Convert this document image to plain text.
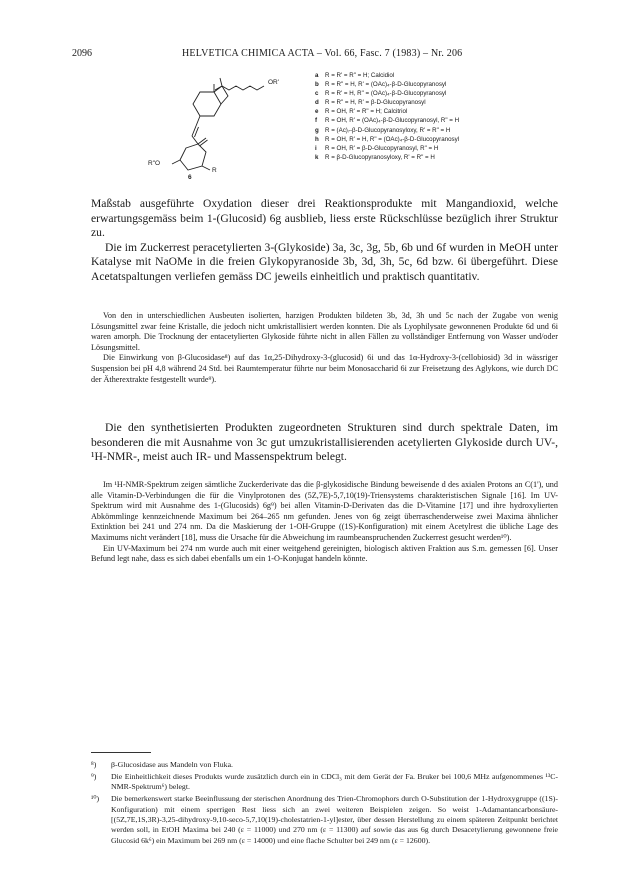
2096	HELVETICA CHIMICA ACTA – Vol. 66, Fasc. 7 (1983) – Nr. 206
OR'
R"O
R
6
a R = R' = R" = H; Calcidiol
b R = R" = H, R' = (OAc)₄-β-D-Glucopyranosyl
c R = R' = H, R" = (OAc)₄-β-D-Glucopyranosyl
d R = R" = H, R' = β-D-Glucopyranosyl
e R = OH, R' = R" = H; Calcitriol
f R = OH, R' = (OAc)₄-β-D-Glucopyranosyl, R" = H
g R = (Ac)₇-β-D-Glucopyranosyloxy, R' = R" = H
h R = OH, R' = H, R" = (OAc)₄-β-D-Glucopyranosyl
i R = OH, R' = β-D-Glucopyranosyl, R" = H
k R = β-D-Glucopyranosyloxy, R' = R" = H

Maßstab ausgeführte Oxydation dieser drei Reaktionsprodukte mit Mangandioxid, welche erwartungsgemäss beim 1-(Glucosid) 6g ausblieb, liess erste Rückschlüsse bezüglich ihrer Struktur zu.

Die im Zuckerrest peracetylierten 3-(Glykoside) 3a, 3c, 3g, 5b, 6b und 6f wurden in MeOH unter Katalyse mit NaOMe in die freien Glykopyranoside 3b, 3d, 3h, 5c, 6d bzw. 6i übergeführt. Diese Acetatspaltungen verliefen gemäss DC jeweils einheitlich und praktisch quantitativ.

Von den in unterschiedlichen Ausbeuten isolierten, harzigen Produkten bildeten 3b, 3d, 3h und 5c nach der Zugabe von wenig Lösungsmittel zwar feine Kristalle, die jedoch nicht umkristallisiert werden konnten. Die als Lyophilysate gewonnenen Produkte 6d und 6i waren amorph. Die Trocknung der entacetylierten Glykoside führte nicht in allen Fällen zu vollständiger Entfernung von Wasser und/oder Lösungsmittel.

Die Einwirkung von β-Glucosidase⁸) auf das 1α,25-Dihydroxy-3-(glucosid) 6i und das 1α-Hydroxy-3-(cellobiosid) 3d in wässriger Suspension bei pH 4,8 während 24 Std. bei Raumtemperatur führte nur beim Monosaccharid 6i zur Freisetzung des Aglykons, wie durch DC der Ätherextrakte festgestellt wurde⁹).

Die den synthetisierten Produkten zugeordneten Strukturen sind durch spektrale Daten, im besonderen die mit Ausnahme von 3c gut umzukristallisierenden acetylierten Glykoside durch UV-, ¹H-NMR-, meist auch IR- und Massenspektrum belegt.

Im ¹H-NMR-Spektrum zeigen sämtliche Zuckerderivate das die β-glykosidische Bindung beweisende d des axialen Protons an C(1'), und alle Vitamin-D-Verbindungen die für die Vinylprotonen des (5Z,7E)-5,7,10(19)-Triensystems charakteristischen Signale [16]. Im UV-Spektrum wird mit Ausnahme des 1-(Glucosids) 6g⁹) bei allen Vitamin-D-Derivaten das die D-Vitamine [17] und ihre hydroxylierten Abkömmlinge kennzeichnende Maximum bei 264–265 nm gefunden. Jenes von 6g zeigt überraschenderweise zwei Maxima ähnlicher Extinktion bei 241 und 274 nm. Da die Maskierung der 1-OH-Gruppe ((1S)-Konfiguration) mit einem Acetylrest die übliche Lage des Maximums nicht verändert [18], muss die Ursache für die Abweichung im raumbeanspruchenden Zuckerrest gesucht werden¹⁰).

Ein UV-Maximum bei 274 nm wurde auch mit einer weitgehend gereinigten, biologisch aktiven Fraktion aus S.m. gemessen [6]. Unser Befund legt nahe, dass es sich dabei ebenfalls um ein 1-O-Konjugat handeln könnte.

⁸) β-Glucosidase aus Mandeln von Fluka.
⁹) Die Einheitlichkeit dieses Produkts wurde zusätzlich durch ein in CDCl₃ mit dem Gerät der Fa. Bruker bei 100,6 MHz aufgenommenes ¹³C-NMR-Spektrum⁶) belegt.
¹⁰) Die bemerkenswert starke Beeinflussung der sterischen Anordnung des Trien-Chromophors durch O-Substitution der 1-Hydroxygruppe ((1S)-Konfiguration) mit einem sperrigen Rest liess sich an zwei weiteren Beispielen zeigen. So weist 1-Adamantancarbonsäure-[(5Z,7E,1S,3R)-3,25-dihydroxy-9,10-seco-5,7,10(19)-cholestatrien-1-yl]ester, über dessen Herstellung zu einem späteren Zeitpunkt berichtet werden soll, in EtOH Maxima bei 240 (ε = 11000) und 270 nm (ε = 11300) auf sowie das aus 6g durch Desacetylierung gewonnene freie Glucosid 6k⁶) ein Maximum bei 269 nm (ε = 14000) und eine flache Schulter bei 249 nm (ε = 12600).
